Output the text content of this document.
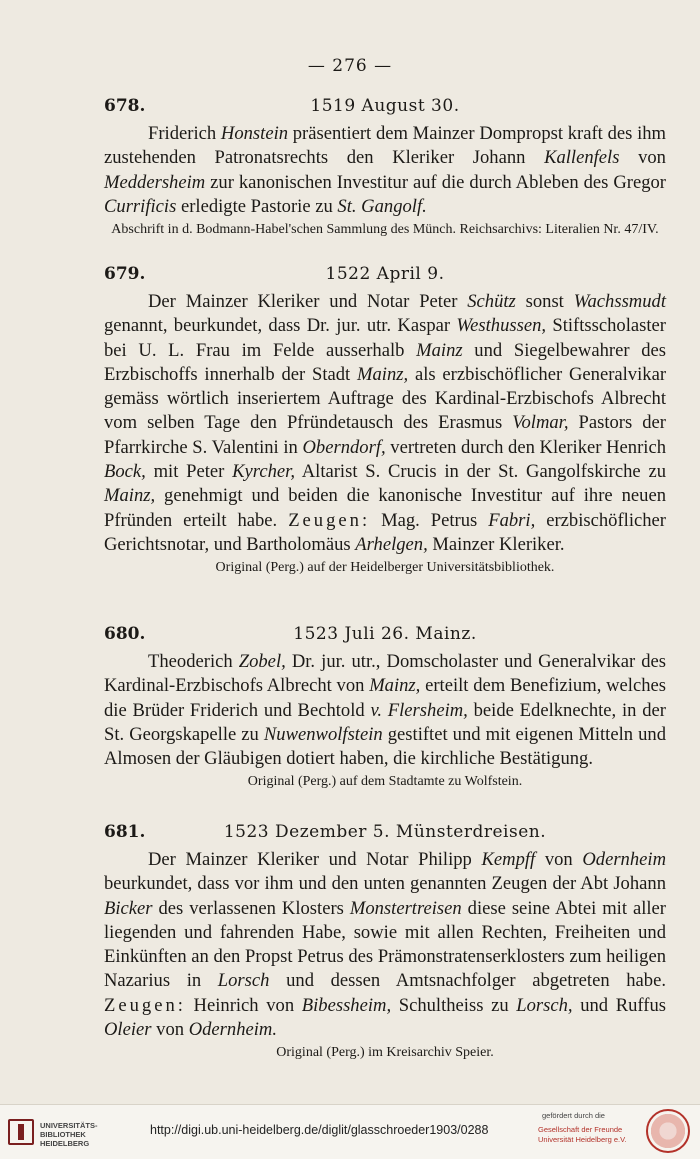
— 276 —
678.	1519 August 30.
Friderich Honstein präsentiert dem Mainzer Dompropst kraft des ihm zustehenden Patronatsrechts den Kleriker Johann Kallenfels von Meddersheim zur kanonischen Investitur auf die durch Ableben des Gregor Currificis erledigte Pastorie zu St. Gangolf.
Abschrift in d. Bodmann-Habel'schen Sammlung des Münch. Reichsarchivs: Literalien Nr. 47/IV.
679.	1522 April 9.
Der Mainzer Kleriker und Notar Peter Schütz sonst Wachssmudt genannt, beurkundet, dass Dr. jur. utr. Kaspar Westhussen, Stiftsscholaster bei U. L. Frau im Felde ausserhalb Mainz und Siegelbewahrer des Erzbischoffs innerhalb der Stadt Mainz, als erzbischöflicher Generalvikar gemäss wörtlich inseriertem Auftrage des Kardinal-Erzbischofs Albrecht vom selben Tage den Pfründetausch des Erasmus Volmar, Pastors der Pfarrkirche S. Valentini in Oberndorf, vertreten durch den Kleriker Henrich Bock, mit Peter Kyrcher, Altarist S. Crucis in der St. Gangolfskirche zu Mainz, genehmigt und beiden die kanonische Investitur auf ihre neuen Pfründen erteilt habe. Zeugen: Mag. Petrus Fabri, erzbischöflicher Gerichtsnotar, und Bartholomäus Arhelgen, Mainzer Kleriker.
Original (Perg.) auf der Heidelberger Universitätsbibliothek.
680.	1523 Juli 26. Mainz.
Theoderich Zobel, Dr. jur. utr., Domscholaster und Generalvikar des Kardinal-Erzbischofs Albrecht von Mainz, erteilt dem Benefizium, welches die Brüder Friderich und Bechtold v. Flersheim, beide Edelknechte, in der St. Georgskapelle zu Nuwenwolfstein gestiftet und mit eigenen Mitteln und Almosen der Gläubigen dotiert haben, die kirchliche Bestätigung.
Original (Perg.) auf dem Stadtamte zu Wolfstein.
681.	1523 Dezember 5. Münsterdreisen.
Der Mainzer Kleriker und Notar Philipp Kempff von Odernheim beurkundet, dass vor ihm und den unten genannten Zeugen der Abt Johann Bicker des verlassenen Klosters Monstertreisen diese seine Abtei mit aller liegenden und fahrenden Habe, sowie mit allen Rechten, Freiheiten und Einkünften an den Propst Petrus des Prämonstratenserklosters zum heiligen Nazarius in Lorsch und dessen Amtsnachfolger abgetreten habe. Zeugen: Heinrich von Bibessheim, Schultheiss zu Lorsch, und Ruffus Oleier von Odernheim.
Original (Perg.) im Kreisarchiv Speier.
UNIVERSITÄTS-
BIBLIOTHEK
HEIDELBERG
http://digi.ub.uni-heidelberg.de/diglit/glasschroeder1903/0288
gefördert durch die
Gesellschaft der Freunde
Universität Heidelberg e.V.
